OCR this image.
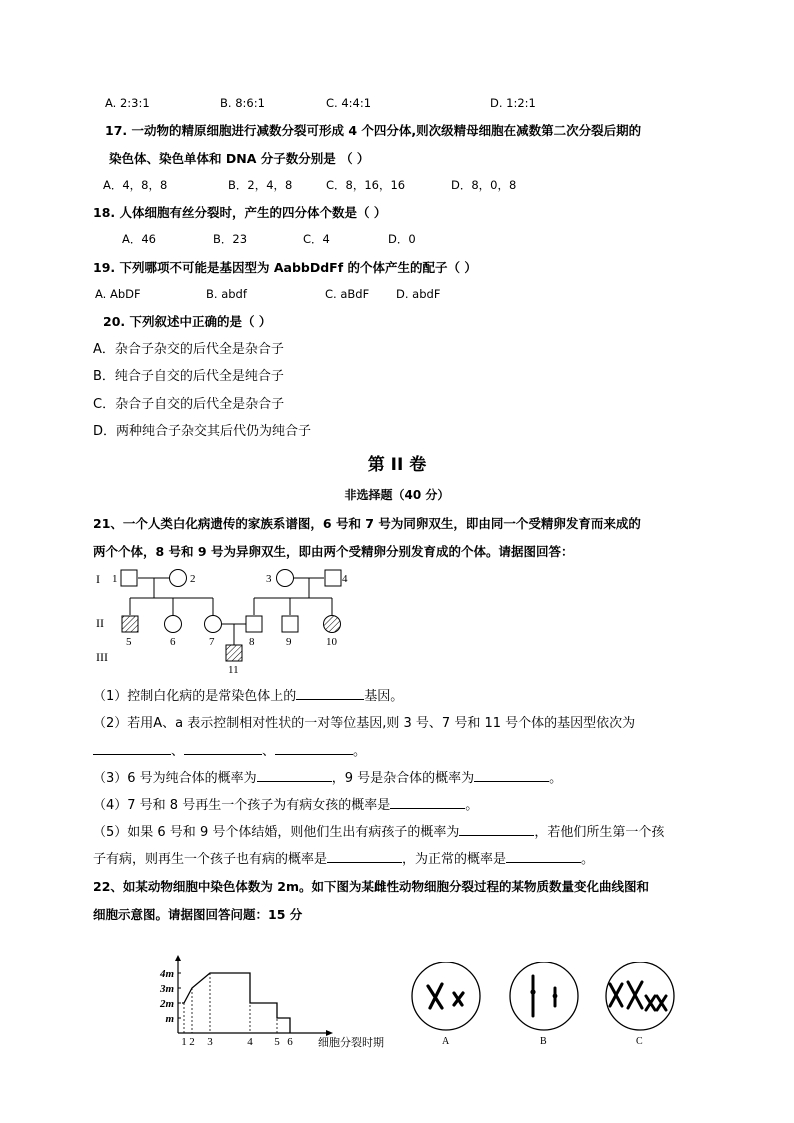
A. 2:3:1	B. 8:6:1	C. 4:4:1	D. 1:2:1
17. 一动物的精原细胞进行减数分裂可形成 4 个四分体,则次级精母细胞在减数第二次分裂后期的
染色体、染色单体和 DNA 分子数分别是 （ ）
A．4，8，8	B．2，4，8	C．8，16，16	D．8，0，8
18. 人体细胞有丝分裂时，产生的四分体个数是（ ）
A．46	B．23	C．4	D．0
19. 下列哪项不可能是基因型为 AabbDdFf 的个体产生的配子（ ）
A. AbDF	B. abdf	C. aBdF D. abdF
20. 下列叙述中正确的是（ ）
A．杂合子杂交的后代全是杂合子
B．纯合子自交的后代全是纯合子
C．杂合子自交的后代全是杂合子
D．两种纯合子杂交其后代仍为纯合子
第 II 卷
非选择题（40 分）
21、一个人类白化病遗传的家族系谱图，6 号和 7 号为同卵双生，即由同一个受精卵发育而来成的
两个个体，8 号和 9 号为异卵双生，即由两个受精卵分别发育成的个体。请据图回答：
I
II
III
1	2	3	4
5	6	7	8	9	10
11
（1）控制白化病的是常染色体上的	基因。
（2）若用A、a 表示控制相对性状的一对等位基因,则 3 号、7 号和 11 号个体的基因型依次为
、	、	。
（3）6 号为纯合体的概率为	，9 号是杂合体的概率为	。
（4）7 号和 8 号再生一个孩子为有病女孩的概率是	。
（5）如果 6 号和 9 号个体结婚，则他们生出有病孩子的概率为	，若他们所生第一个孩
子有病，则再生一个孩子也有病的概率是	，为正常的概率是	。
22、如某动物细胞中染色体数为 2m。如下图为某雌性动物细胞分裂过程的某物质数量变化曲线图和
细胞示意图。请据图回答问题：15 分
m
2m
3m
4m
1 2 3	4 5 6 细胞分裂时期	A	B	C
